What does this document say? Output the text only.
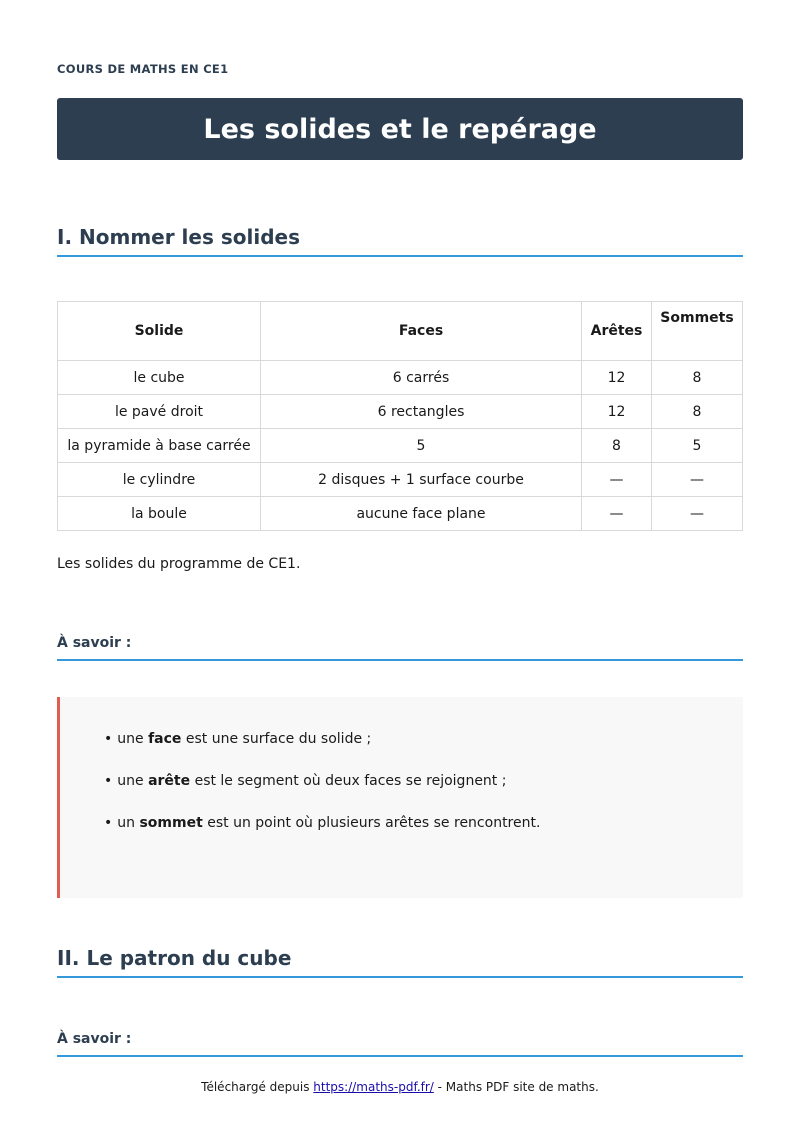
COURS DE MATHS EN CE1
Les solides et le repérage
I. Nommer les solides
Solide	Faces	Arêtes	Sommets
le cube	6 carrés	12	8
le pavé droit	6 rectangles	12	8
la pyramide à base carrée	5	8	5
le cylindre	2 disques + 1 surface courbe	—	—
la boule	aucune face plane	—	—
Les solides du programme de CE1.
À savoir :
• une face est une surface du solide ;
• une arête est le segment où deux faces se rejoignent ;
• un sommet est un point où plusieurs arêtes se rencontrent.
II. Le patron du cube
À savoir :
Téléchargé depuis https://maths-pdf.fr/ - Maths PDF site de maths.
